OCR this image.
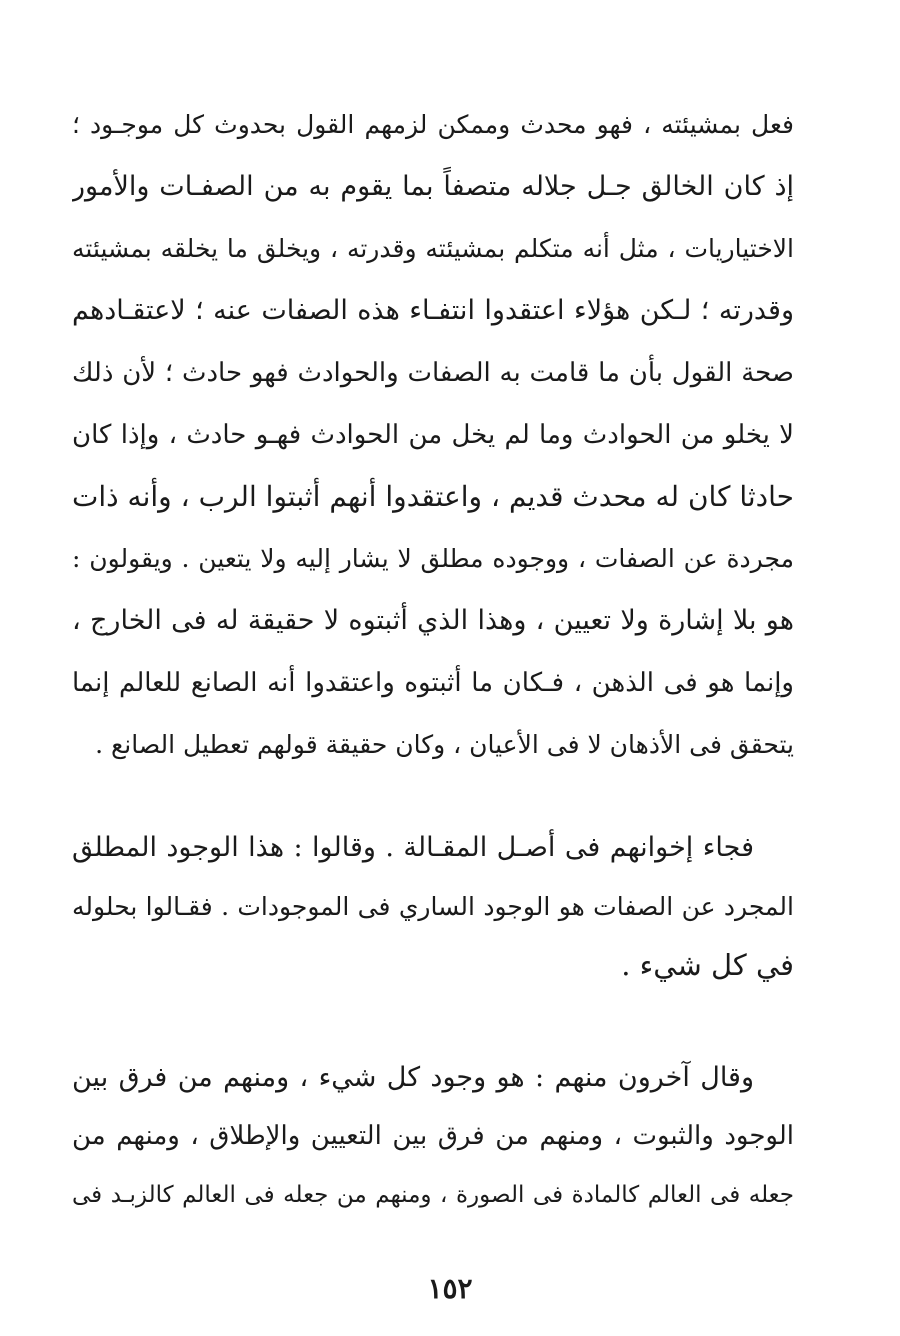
فعل بمشيئته ، فهو محدث وممكن لزمهم القول بحدوث كل موجـود ؛
إذ كان الخالق جـل جلاله متصفاً بما يقوم به من الصفـات والأمور
الاختياريات ، مثل أنه متكلم بمشيئته وقدرته ، ويخلق ما يخلقه بمشيئته
وقدرته ؛ لـكن هؤلاء اعتقدوا انتفـاء هذه الصفات عنه ؛ لاعتقـادهم
صحة القول بأن ما قامت به الصفات والحوادث فهو حادث ؛ لأن ذلك
لا يخلو من الحوادث وما لم يخل من الحوادث فهـو حادث ، وإذا كان
حادثا كان له محدث قديم ، واعتقدوا أنهم أثبتوا الرب ، وأنه ذات
مجردة عن الصفات ، ووجوده مطلق لا يشار إليه ولا يتعين . ويقولون :
هو بلا إشارة ولا تعيين ، وهذا الذي أثبتوه لا حقيقة له فى الخارج ،
وإنما هو فى الذهن ، فـكان ما أثبتوه واعتقدوا أنه الصانع للعالم إنما
يتحقق فى الأذهان لا فى الأعيان ، وكان حقيقة قولهم تعطيل الصانع .
فجاء إخوانهم فى أصـل المقـالة . وقالوا : هذا الوجود المطلق
المجرد عن الصفات هو الوجود الساري فى الموجودات . فقـالوا بحلوله
في كل شيء .
وقال آخرون منهم : هو وجود كل شيء ، ومنهم من فرق بين
الوجود والثبوت ، ومنهم من فرق بين التعيين والإطلاق ، ومنهم من
جعله فى العالم كالمادة فى الصورة ، ومنهم من جعله فى العالم كالزبـد فى
١٥٢
